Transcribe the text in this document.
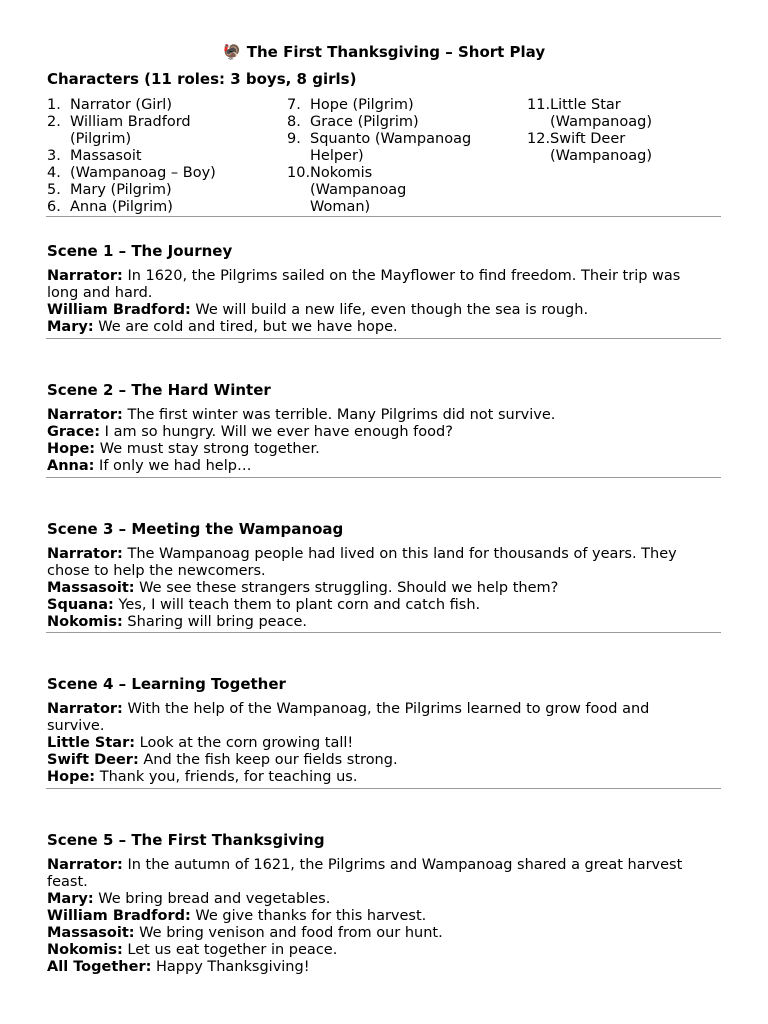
🦃 The First Thanksgiving – Short Play
Characters (11 roles: 3 boys, 8 girls)
1. Narrator (Girl)
2. William Bradford (Pilgrim)
3. Massasoit
4. (Wampanoag – Boy)
5. Mary (Pilgrim)
6. Anna (Pilgrim)
7. Hope (Pilgrim)
8. Grace (Pilgrim)
9. Squanto (Wampanoag Helper)
10. Nokomis (Wampanoag Woman)
11. Little Star (Wampanoag)
12. Swift Deer (Wampanoag)
Scene 1 – The Journey
Narrator: In 1620, the Pilgrims sailed on the Mayflower to find freedom. Their trip was long and hard.
William Bradford: We will build a new life, even though the sea is rough.
Mary: We are cold and tired, but we have hope.
Scene 2 – The Hard Winter
Narrator: The first winter was terrible. Many Pilgrims did not survive.
Grace: I am so hungry. Will we ever have enough food?
Hope: We must stay strong together.
Anna: If only we had help…
Scene 3 – Meeting the Wampanoag
Narrator: The Wampanoag people had lived on this land for thousands of years. They chose to help the newcomers.
Massasoit: We see these strangers struggling. Should we help them?
Squana: Yes, I will teach them to plant corn and catch fish.
Nokomis: Sharing will bring peace.
Scene 4 – Learning Together
Narrator: With the help of the Wampanoag, the Pilgrims learned to grow food and survive.
Little Star: Look at the corn growing tall!
Swift Deer: And the fish keep our fields strong.
Hope: Thank you, friends, for teaching us.
Scene 5 – The First Thanksgiving
Narrator: In the autumn of 1621, the Pilgrims and Wampanoag shared a great harvest feast.
Mary: We bring bread and vegetables.
William Bradford: We give thanks for this harvest.
Massasoit: We bring venison and food from our hunt.
Nokomis: Let us eat together in peace.
All Together: Happy Thanksgiving!
